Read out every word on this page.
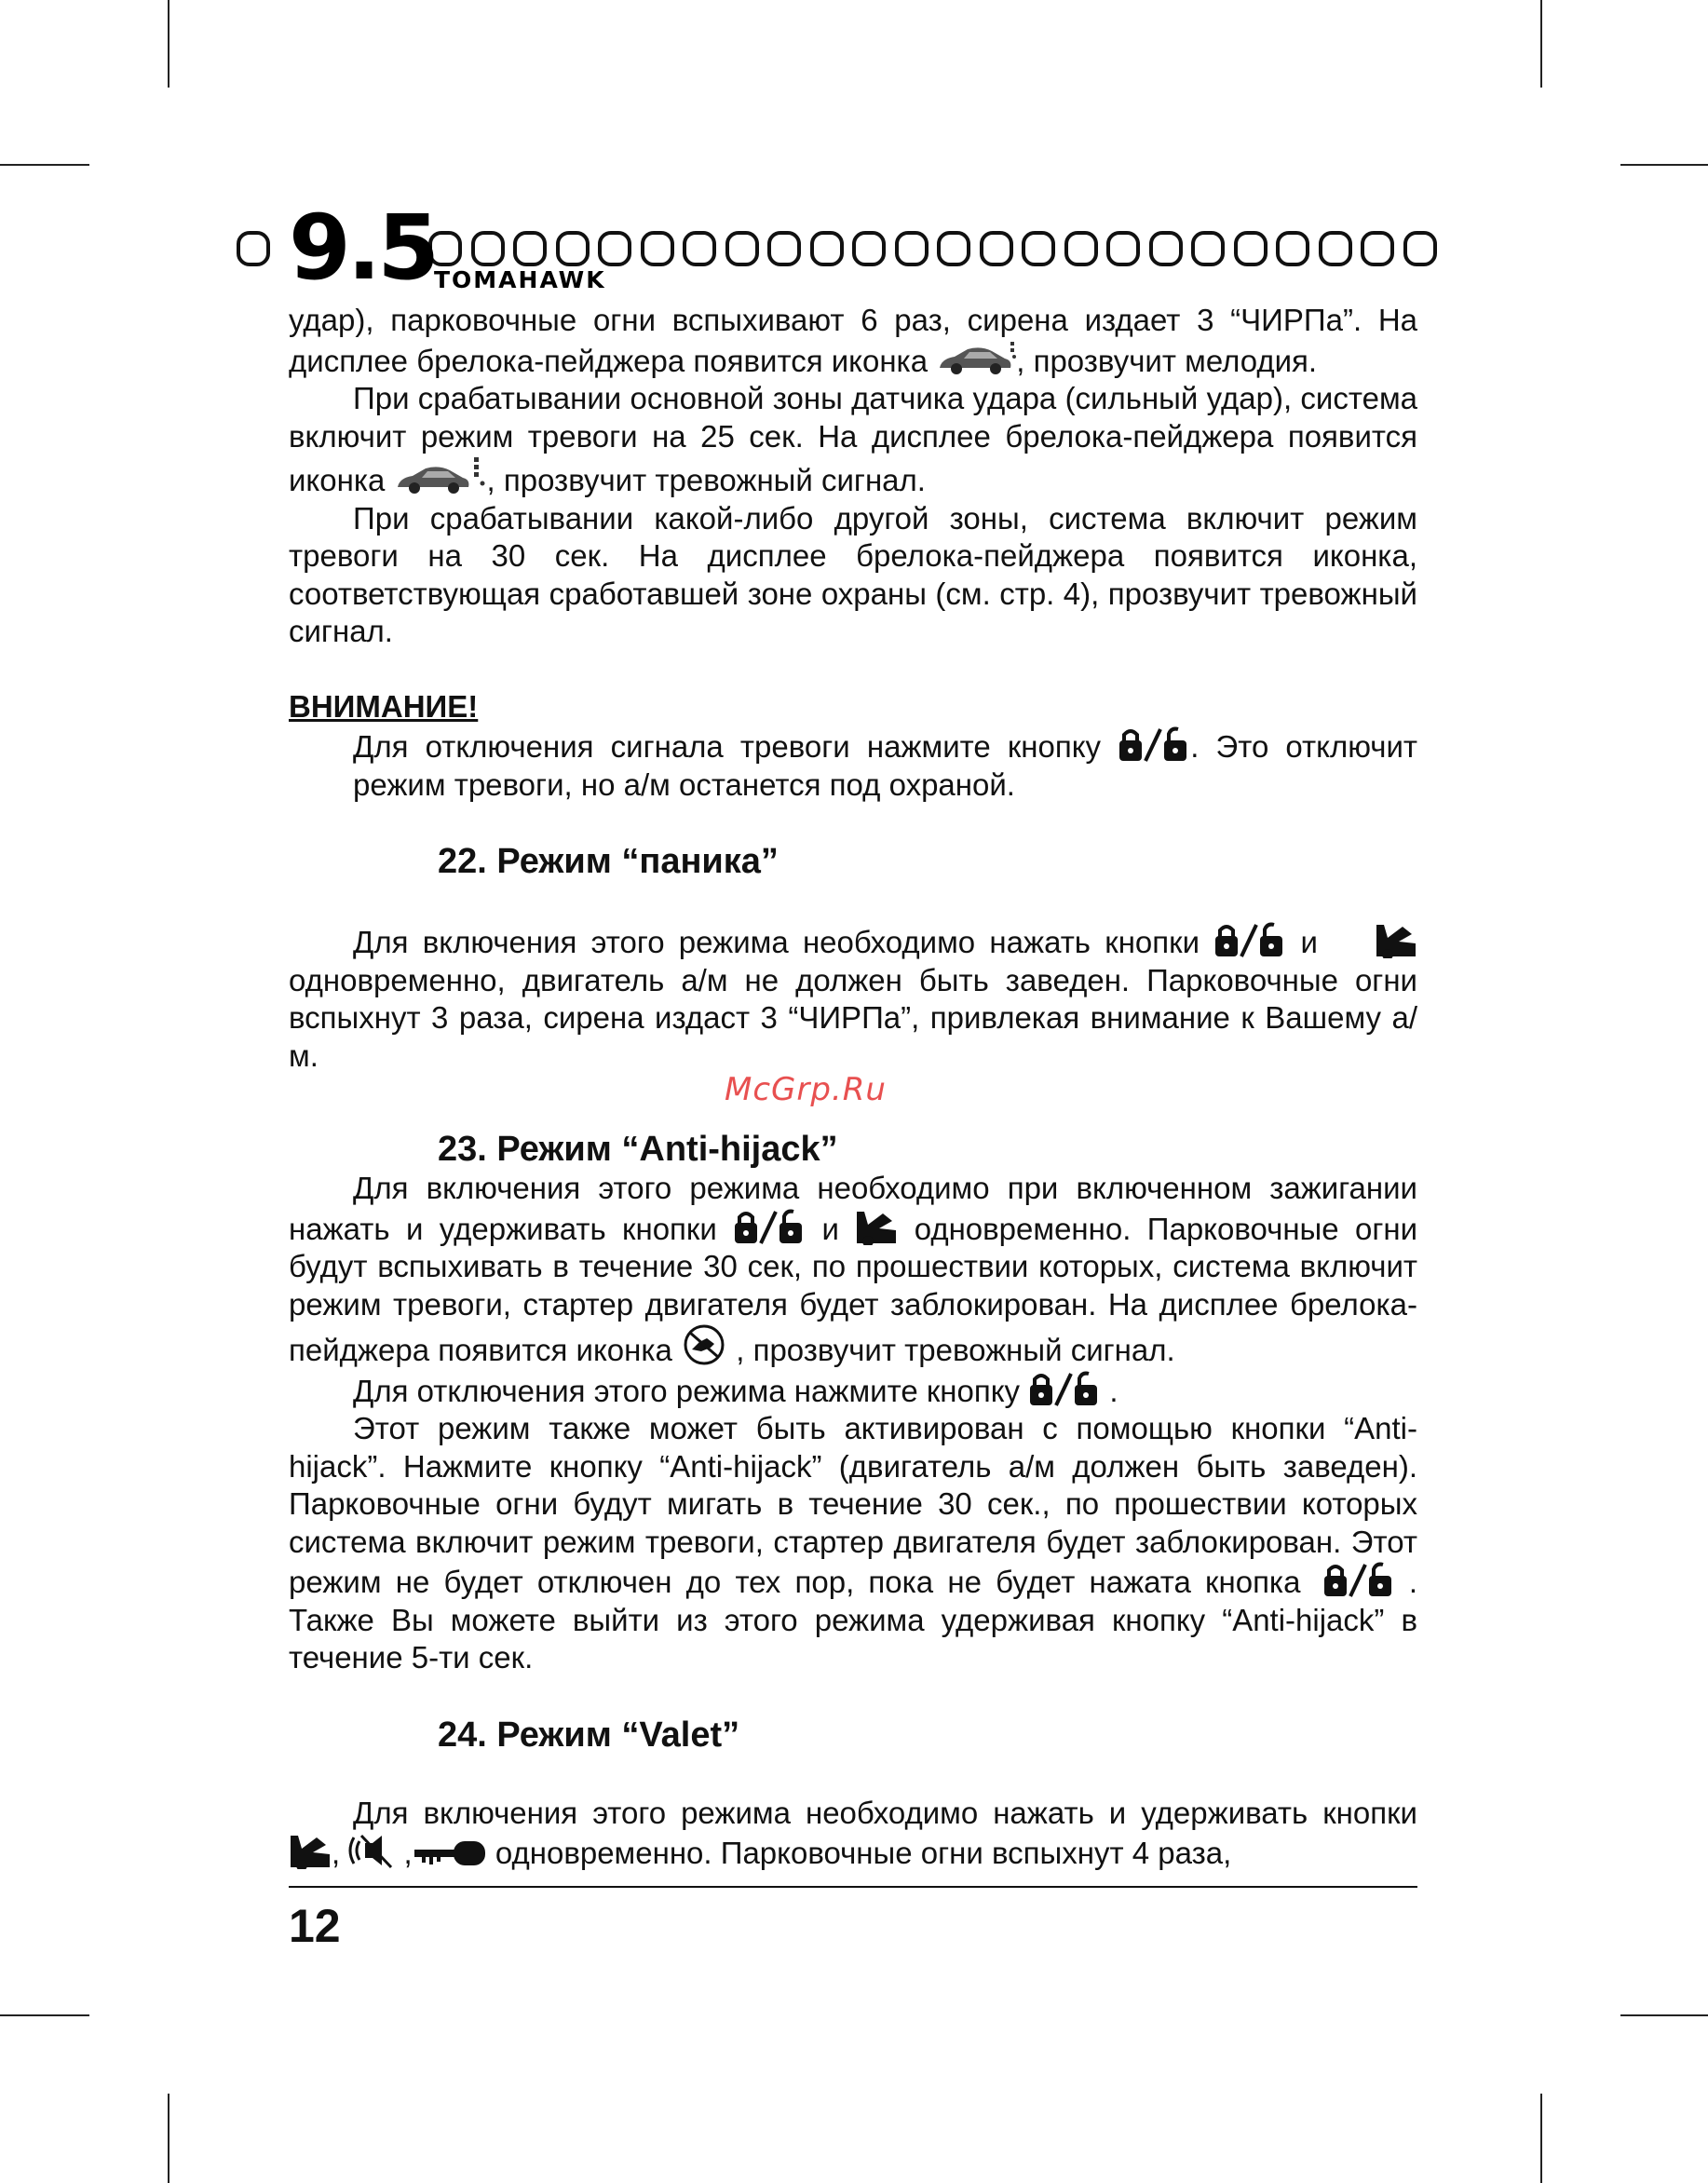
9.5
TOMAHAWK
McGrp.Ru

удар), парковочные огни вспыхивают 6 раз, сирена издает 3 “ЧИРПа”. На дисплее брелока-пейджера появится иконка	, прозвучит мелодия.

При срабатывании основной зоны датчика удара (сильный удар), система включит режим тревоги на 25 сек. На дисплее брелока-пейджера появится иконка	, прозвучит тревожный сигнал.

При срабатывании какой-либо другой зоны, система включит режим тревоги на 30 сек. На дисплее брелока-пейджера появится иконка, соответствующая сработавшей зоне охраны (см. стр. 4), прозвучит тревожный сигнал.

ВНИМАНИЕ!

Для отключения сигнала тревоги нажмите кнопку	. Это отключит режим тревоги, но а/м останется под охраной.

22. Режим “паника”

Для включения этого режима необходимо нажать кнопки	и
одновременно, двигатель а/м не должен быть заведен. Парковочные огни вспыхнут 3 раза, сирена издаст 3 “ЧИРПа”, привлекая внимание к Вашему а/м.

23. Режим “Anti-hijack”

Для включения этого режима необходимо при включенном зажигании нажать и удерживать кнопки	и одновременно. Парковочные огни будут вспыхивать в течение 30 сек, по прошествии которых, система включит режим тревоги, стартер двигателя будет заблокирован. На дисплее брелока-пейджера появится иконка , прозвучит тревожный сигнал.

Для отключения этого режима нажмите кнопку	.

Этот режим также может быть активирован с помощью кнопки “Anti-hijack”. Нажмите кнопку “Anti-hijack” (двигатель а/м должен быть заведен). Парковочные огни будут мигать в течение 30 сек., по прошествии которых система включит режим тревоги, стартер двигателя будет заблокирован. Этот режим не будет отключен до тех пор, пока не будет нажата кнопка	. Также Вы можете выйти из этого режима удерживая кнопку “Anti-hijack” в течение 5-ти сек.

24. Режим “Valet”

Для включения этого режима необходимо нажать и удерживать кнопки
, ,	одновременно. Парковочные огни вспыхнут 4 раза,

12
